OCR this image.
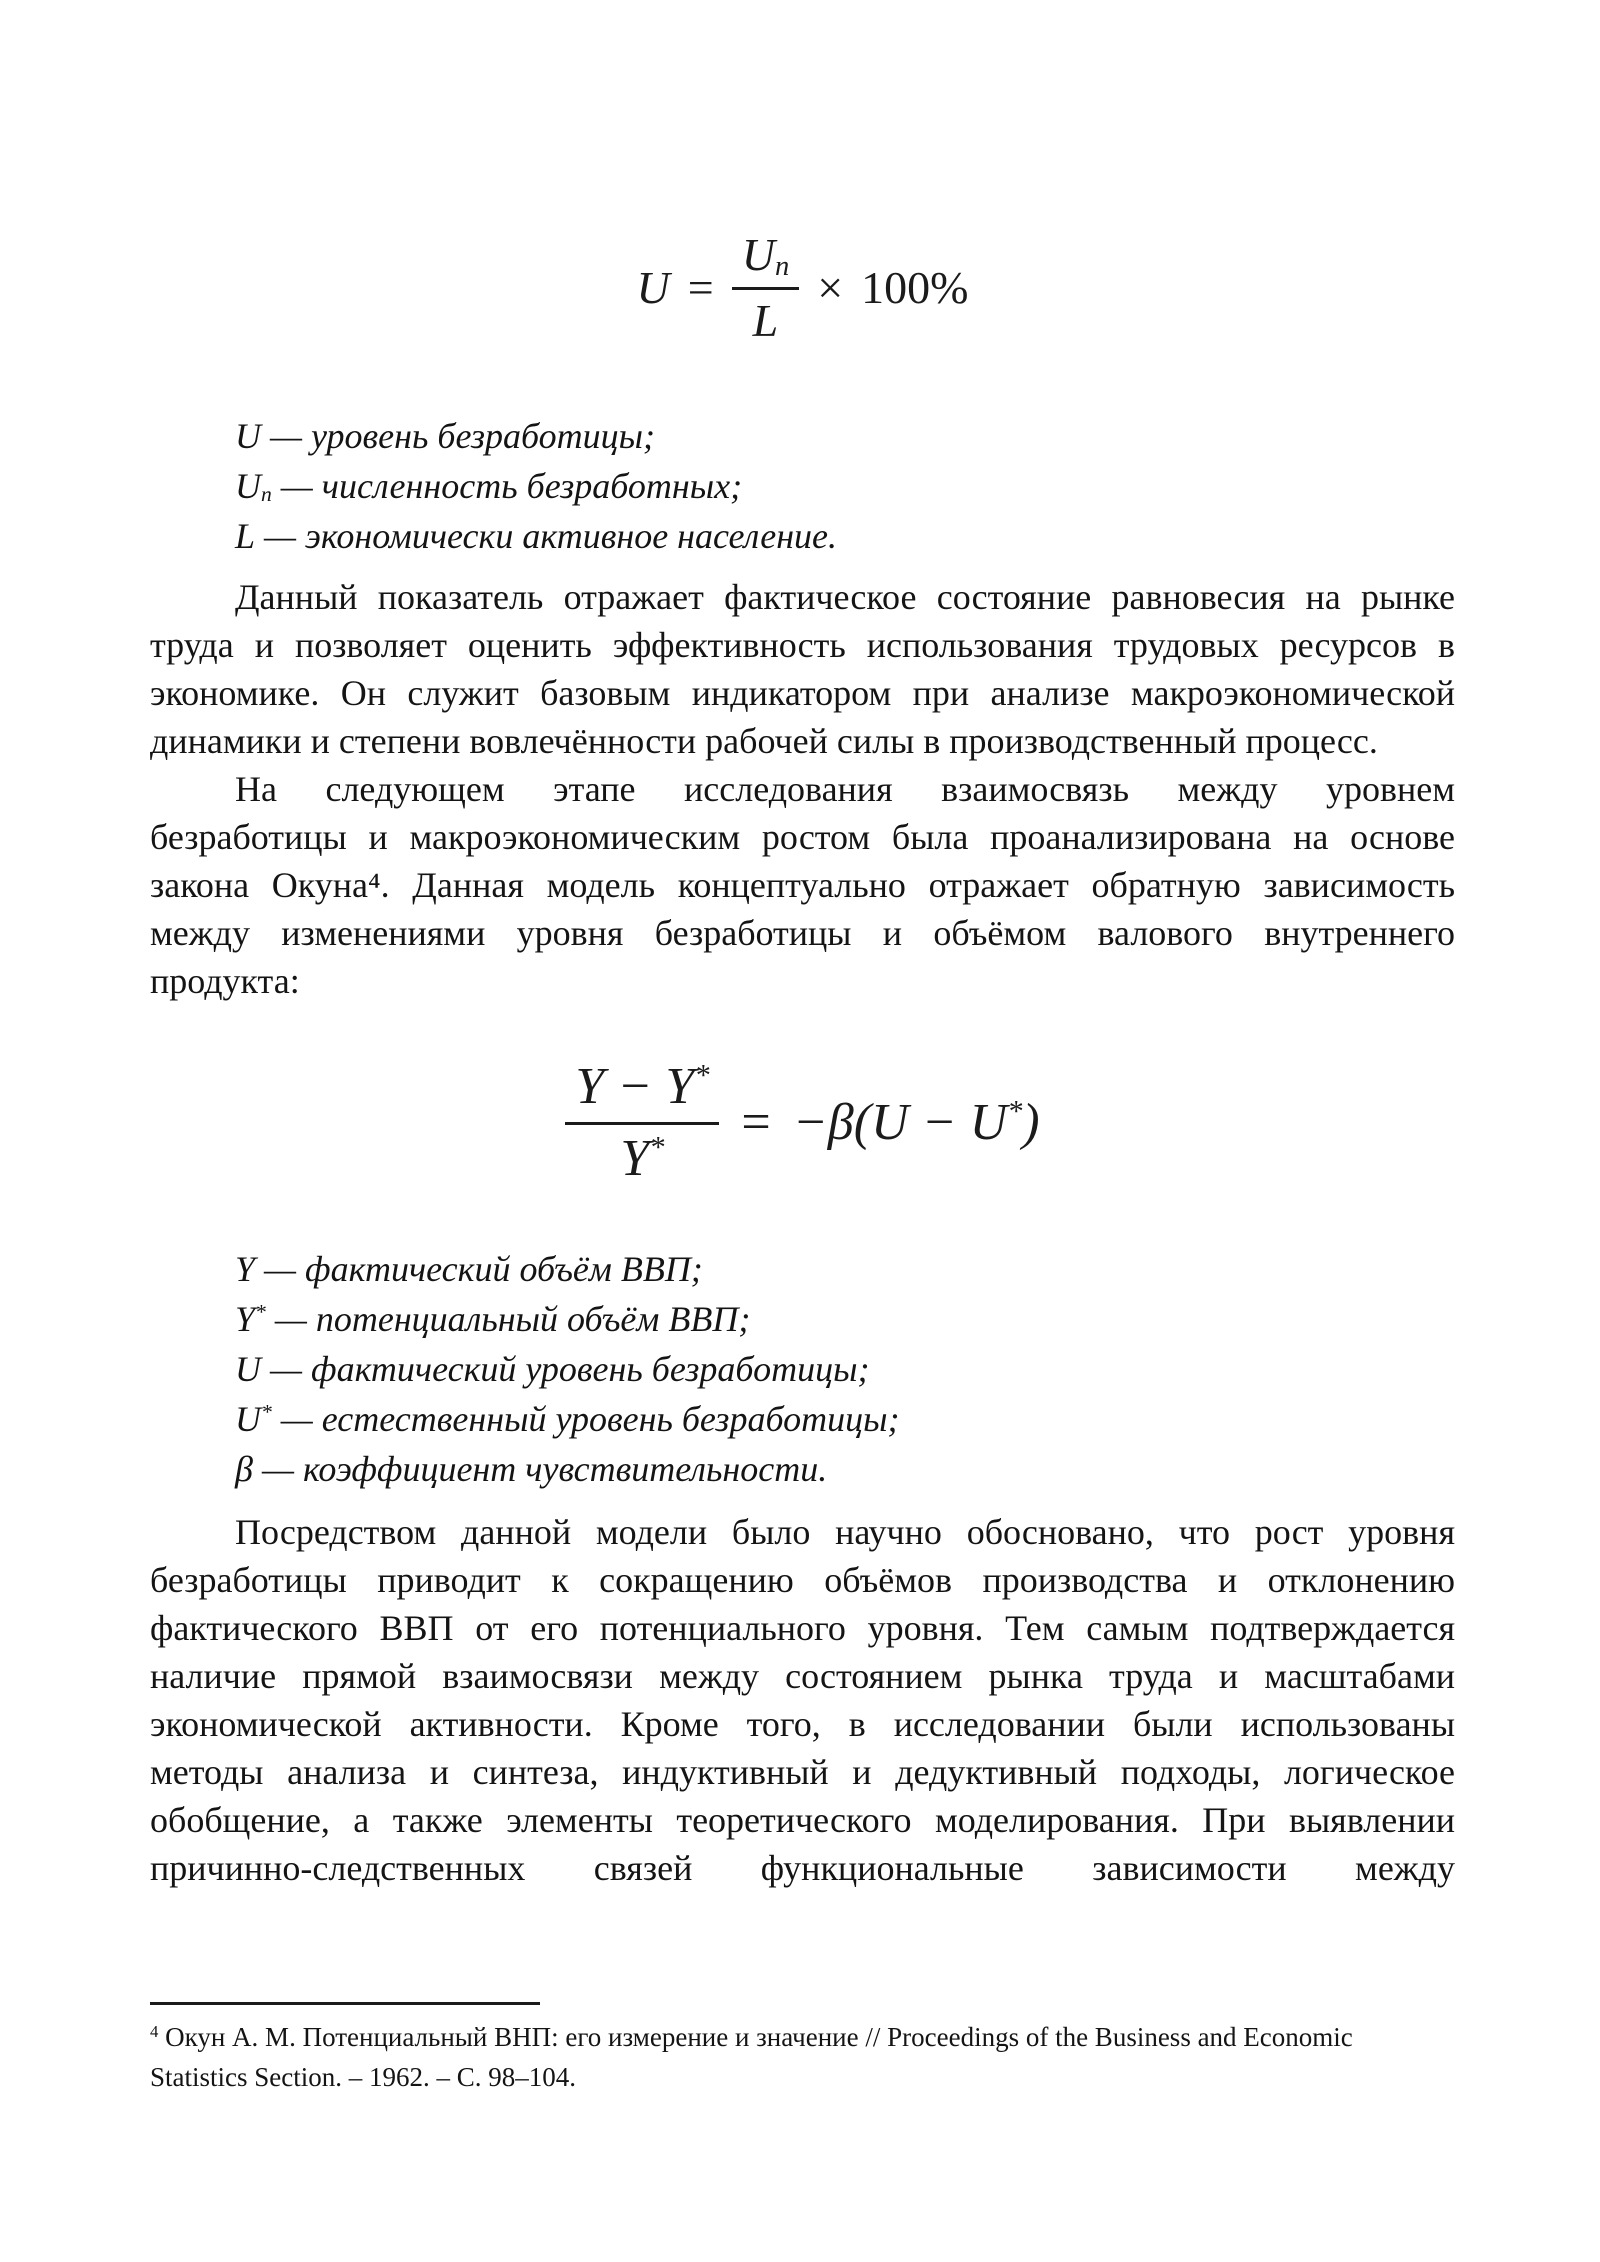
$U = \frac{U_n}{L} \times 100\%$
U — уровень безработицы;
$U_n$ — численность безработных;
L — экономически активное население.
Данный показатель отражает фактическое состояние равновесия на рынке
труда и позволяет оценить эффективность использования трудовых ресурсов в
экономике. Он служит базовым индикатором при анализе макроэкономической
динамики и степени вовлечённости рабочей силы в производственный процесс.
На следующем этапе исследования взаимосвязь между уровнем
безработицы и макроэкономическим ростом была проанализирована на основе
закона Окуна⁴. Данная модель концептуально отражает обратную зависимость
между изменениями уровня безработицы и объёмом валового внутреннего
продукта:
$\frac{Y - Y^*}{Y^*} = -\beta(U - U^*)$
Y — фактический объём ВВП;
Y* — потенциальный объём ВВП;
U — фактический уровень безработицы;
U* — естественный уровень безработицы;
β — коэффициент чувствительности.
Посредством данной модели было научно обосновано, что рост уровня
безработицы приводит к сокращению объёмов производства и отклонению
фактического ВВП от его потенциального уровня. Тем самым подтверждается
наличие прямой взаимосвязи между состоянием рынка труда и масштабами
экономической активности. Кроме того, в исследовании были использованы
методы анализа и синтеза, индуктивный и дедуктивный подходы, логическое
обобщение, а также элементы теоретического моделирования. При выявлении
причинно-следственных связей функциональные зависимости между
$^4$ Окун А. М. Потенциальный ВНП: его измерение и значение // Proceedings of the Business and Economic Statistics Section. – 1962. – С. 98–104.
